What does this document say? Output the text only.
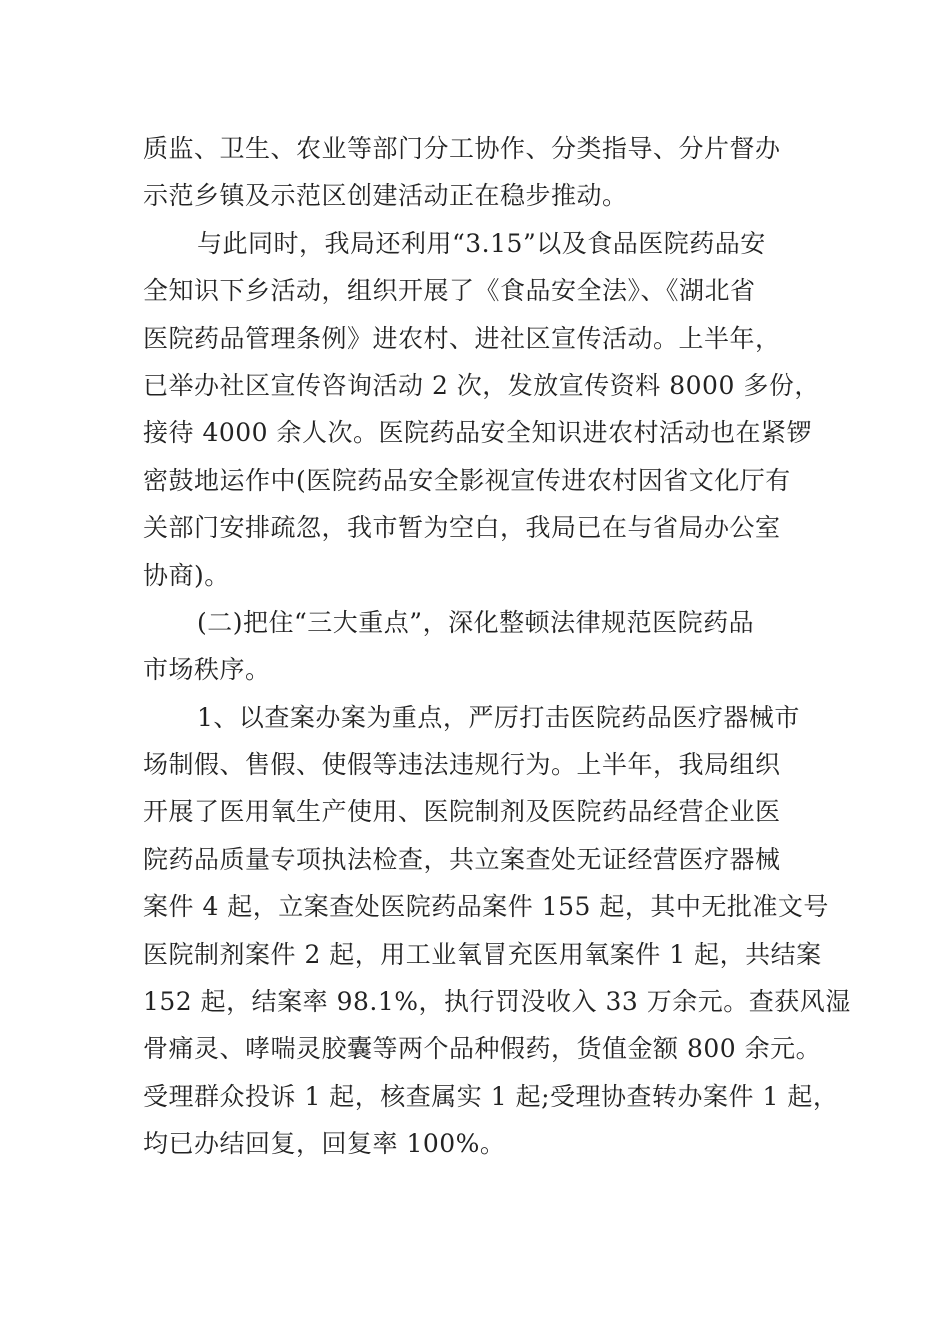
质监、卫生、农业等部门分工协作、分类指导、分片督办
示范乡镇及示范区创建活动正在稳步推动。
与此同时，我局还利用“3.15”以及食品医院药品安
全知识下乡活动，组织开展了《食品安全法》、《湖北省
医院药品管理条例》进农村、进社区宣传活动。上半年，
已举办社区宣传咨询活动 2 次，发放宣传资料 8000 多份，
接待 4000 余人次。医院药品安全知识进农村活动也在紧锣
密鼓地运作中(医院药品安全影视宣传进农村因省文化厅有
关部门安排疏忽，我市暂为空白，我局已在与省局办公室
协商)。
(二)把住“三大重点”，深化整顿法律规范医院药品
市场秩序。
1、以查案办案为重点，严厉打击医院药品医疗器械市
场制假、售假、使假等违法违规行为。上半年，我局组织
开展了医用氧生产使用、医院制剂及医院药品经营企业医
院药品质量专项执法检查，共立案查处无证经营医疗器械
案件 4 起，立案查处医院药品案件 155 起，其中无批准文号
医院制剂案件 2 起，用工业氧冒充医用氧案件 1 起，共结案
152 起，结案率 98.1%，执行罚没收入 33 万余元。查获风湿
骨痛灵、哮喘灵胶囊等两个品种假药，货值金额 800 余元。
受理群众投诉 1 起，核查属实 1 起;受理协查转办案件 1 起，
均已办结回复，回复率 100%。
